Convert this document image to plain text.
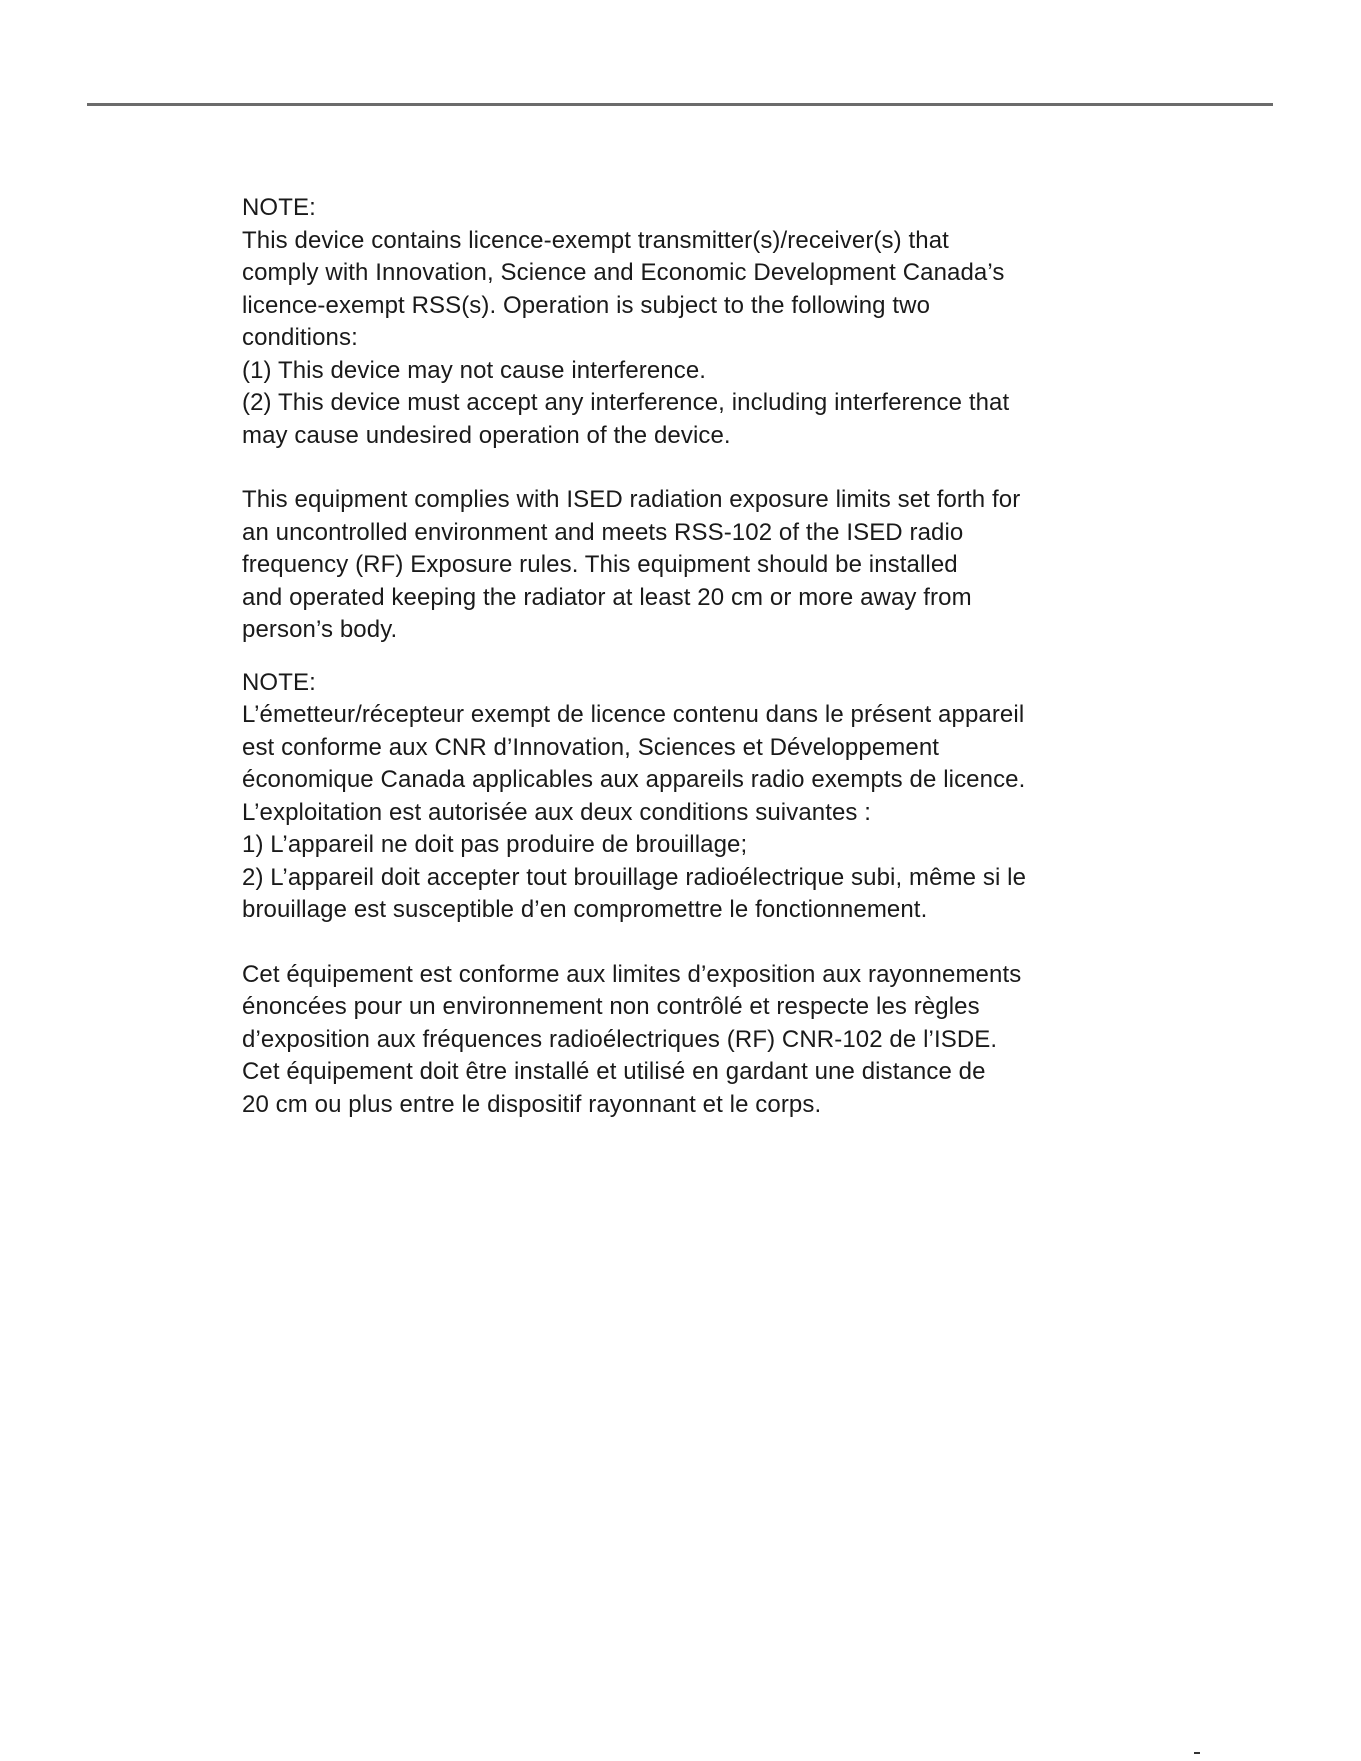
NOTE:

This device contains licence-exempt transmitter(s)/receiver(s) that

comply with Innovation, Science and Economic Development Canada’s

licence-exempt RSS(s). Operation is subject to the following two

conditions:

(1) This device may not cause interference.

(2) This device must accept any interference, including interference that

may cause undesired operation of the device.

This equipment complies with ISED radiation exposure limits set forth for

an uncontrolled environment and meets RSS-102 of the ISED radio

frequency (RF) Exposure rules. This equipment should be installed

and operated keeping the radiator at least 20 cm or more away from

person’s body.

NOTE:

L’émetteur/récepteur exempt de licence contenu dans le présent appareil

est conforme aux CNR d’Innovation, Sciences et Développement

économique Canada applicables aux appareils radio exempts de licence.

L’exploitation est autorisée aux deux conditions suivantes :

1) L’appareil ne doit pas produire de brouillage;

2) L’appareil doit accepter tout brouillage radioélectrique subi, même si le

brouillage est susceptible d’en compromettre le fonctionnement.

Cet équipement est conforme aux limites d’exposition aux rayonnements

énoncées pour un environnement non contrôlé et respecte les règles

d’exposition aux fréquences radioélectriques (RF) CNR-102 de l’ISDE.

Cet équipement doit être installé et utilisé en gardant une distance de

20 cm ou plus entre le dispositif rayonnant et le corps.
